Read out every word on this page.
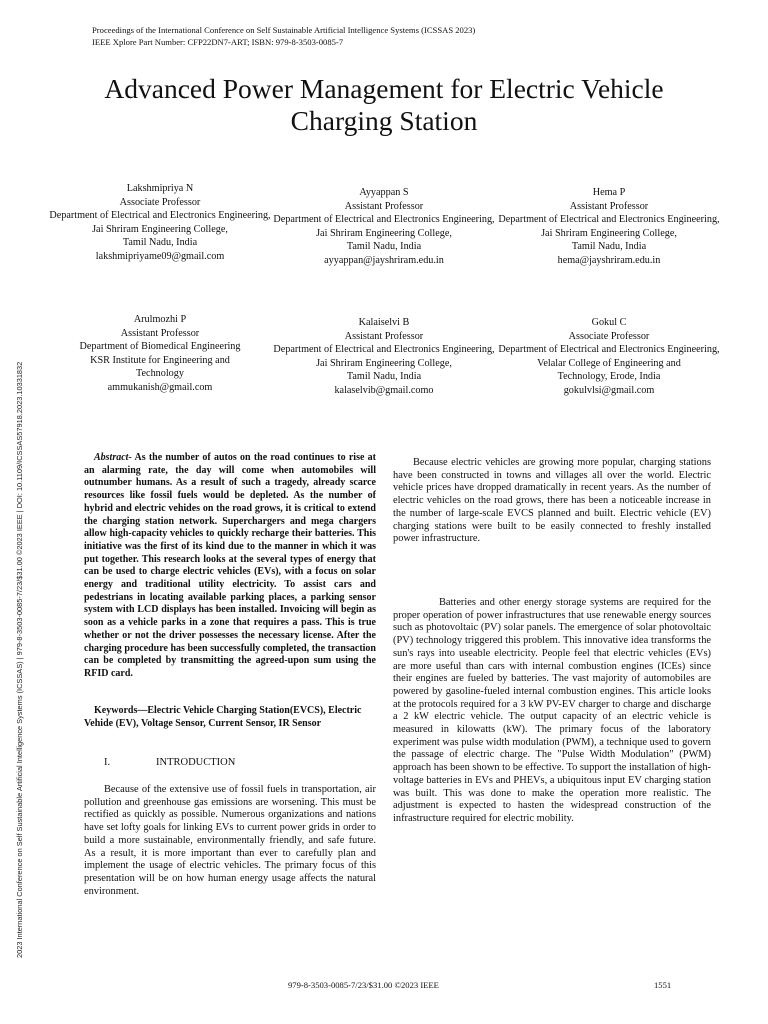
Proceedings of the International Conference on Self Sustainable Artificial Intelligence Systems (ICSSAS 2023)
IEEE Xplore Part Number: CFP22DN7-ART; ISBN: 979-8-3503-0085-7
Advanced Power Management for Electric Vehicle
Charging Station
Lakshmipriya N
Associate Professor
Department of Electrical and Electronics Engineering,
Jai Shriram Engineering College,
Tamil Nadu, India
lakshmipriyame09@gmail.com
Ayyappan S
Assistant Professor
Department of Electrical and Electronics Engineering,
Jai Shriram Engineering College,
Tamil Nadu, India
ayyappan@jayshriram.edu.in
Hema P
Assistant Professor
Department of Electrical and Electronics Engineering,
Jai Shriram Engineering College,
Tamil Nadu, India
hema@jayshriram.edu.in
Arulmozhi P
Assistant Professor
Department of Biomedical Engineering
KSR Institute for Engineering and Technology
ammukanish@gmail.com
Kalaiselvi B
Assistant Professor
Department of Electrical and Electronics Engineering,
Jai Shriram Engineering College,
Tamil Nadu, India
kalaselvib@gmail.como
Gokul C
Associate Professor
Department of Electrical and Electronics Engineering,
Velalar College of Engineering and Technology, Erode, India
gokulvlsi@gmail.com
2023 International Conference on Self Sustainable Artificial Intelligence Systems (ICSSAS) | 979-8-3503-0085-7/23/$31.00 ©2023 IEEE | DOI: 10.1109/ICSSAS57918.2023.10331832	Abstract- As the number of autos on the road continues to rise at an alarming rate, the day will come when automobiles will outnumber humans. As a result of such a tragedy, already scarce resources like fossil fuels would be depleted. As the number of hybrid and electric vehides on the road grows, it is critical to extend the charging station network. Superchargers and mega chargers allow high-capacity vehicles to quickly recharge their batteries. This initiative was the first of its kind due to the manner in which it was put together. This research looks at the several types of energy that can be used to charge electric vehicles (EVs), with a focus on solar energy and traditional utility electricity. To assist cars and pedestrians in locating available parking places, a parking sensor system with LCD displays has been installed. Invoicing will begin as soon as a vehicle parks in a zone that requires a pass. This is true whether or not the driver possesses the necessary license. After the charging procedure has been successfully completed, the transaction can be completed by transmitting the agreed-upon sum using the RFID card.

Keywords—Electric Vehicle Charging Station(EVCS), Electric Vehide (EV), Voltage Sensor, Current Sensor, IR Sensor

I.	INTRODUCTION

Because of the extensive use of fossil fuels in transportation, air pollution and greenhouse gas emissions are worsening. This must be rectified as quickly as possible. Numerous organizations and nations have set lofty goals for linking EVs to current power grids in order to build a more sustainable, environmentally friendly, and safe future. As a result, it is more important than ever to carefully plan and implement the usage of electric vehicles. The primary focus of this presentation will be on how human energy usage affects the natural environment.

Because electric vehicles are growing more popular, charging stations have been constructed in towns and villages all over the world. Electric vehicle prices have dropped dramatically in recent years. As the number of electric vehicles on the road grows, there has been a noticeable increase in the number of large-scale EVCS planned and built. Electric vehicle (EV) charging stations were built to be easily connected to freshly installed power infrastructure.

Batteries and other energy storage systems are required for the proper operation of power infrastructures that use renewable energy sources such as photovoltaic (PV) solar panels. The emergence of solar photovoltaic (PV) technology triggered this problem. This innovative idea transforms the sun's rays into useable electricity. People feel that electric vehicles (EVs) are more useful than cars with internal combustion engines (ICEs) since their engines are fueled by batteries. The vast majority of automobiles are powered by gasoline-fueled internal combustion engines. This article looks at the protocols required for a 3 kW PV-EV charger to charge and discharge a 2 kW electric vehicle. The output capacity of an electric vehicle is measured in kilowatts (kW). The primary focus of the laboratory experiment was pulse width modulation (PWM), a technique used to govern the passage of electric charge. The "Pulse Width Modulation" (PWM) approach has been shown to be effective. To support the installation of high-voltage batteries in EVs and PHEVs, a ubiquitous input EV charging station was built. This was done to make the operation more realistic. The adjustment is expected to hasten the widespread construction of the infrastructure required for electric mobility.

979-8-3503-0085-7/23/$31.00 ©2023 IEEE	1551
